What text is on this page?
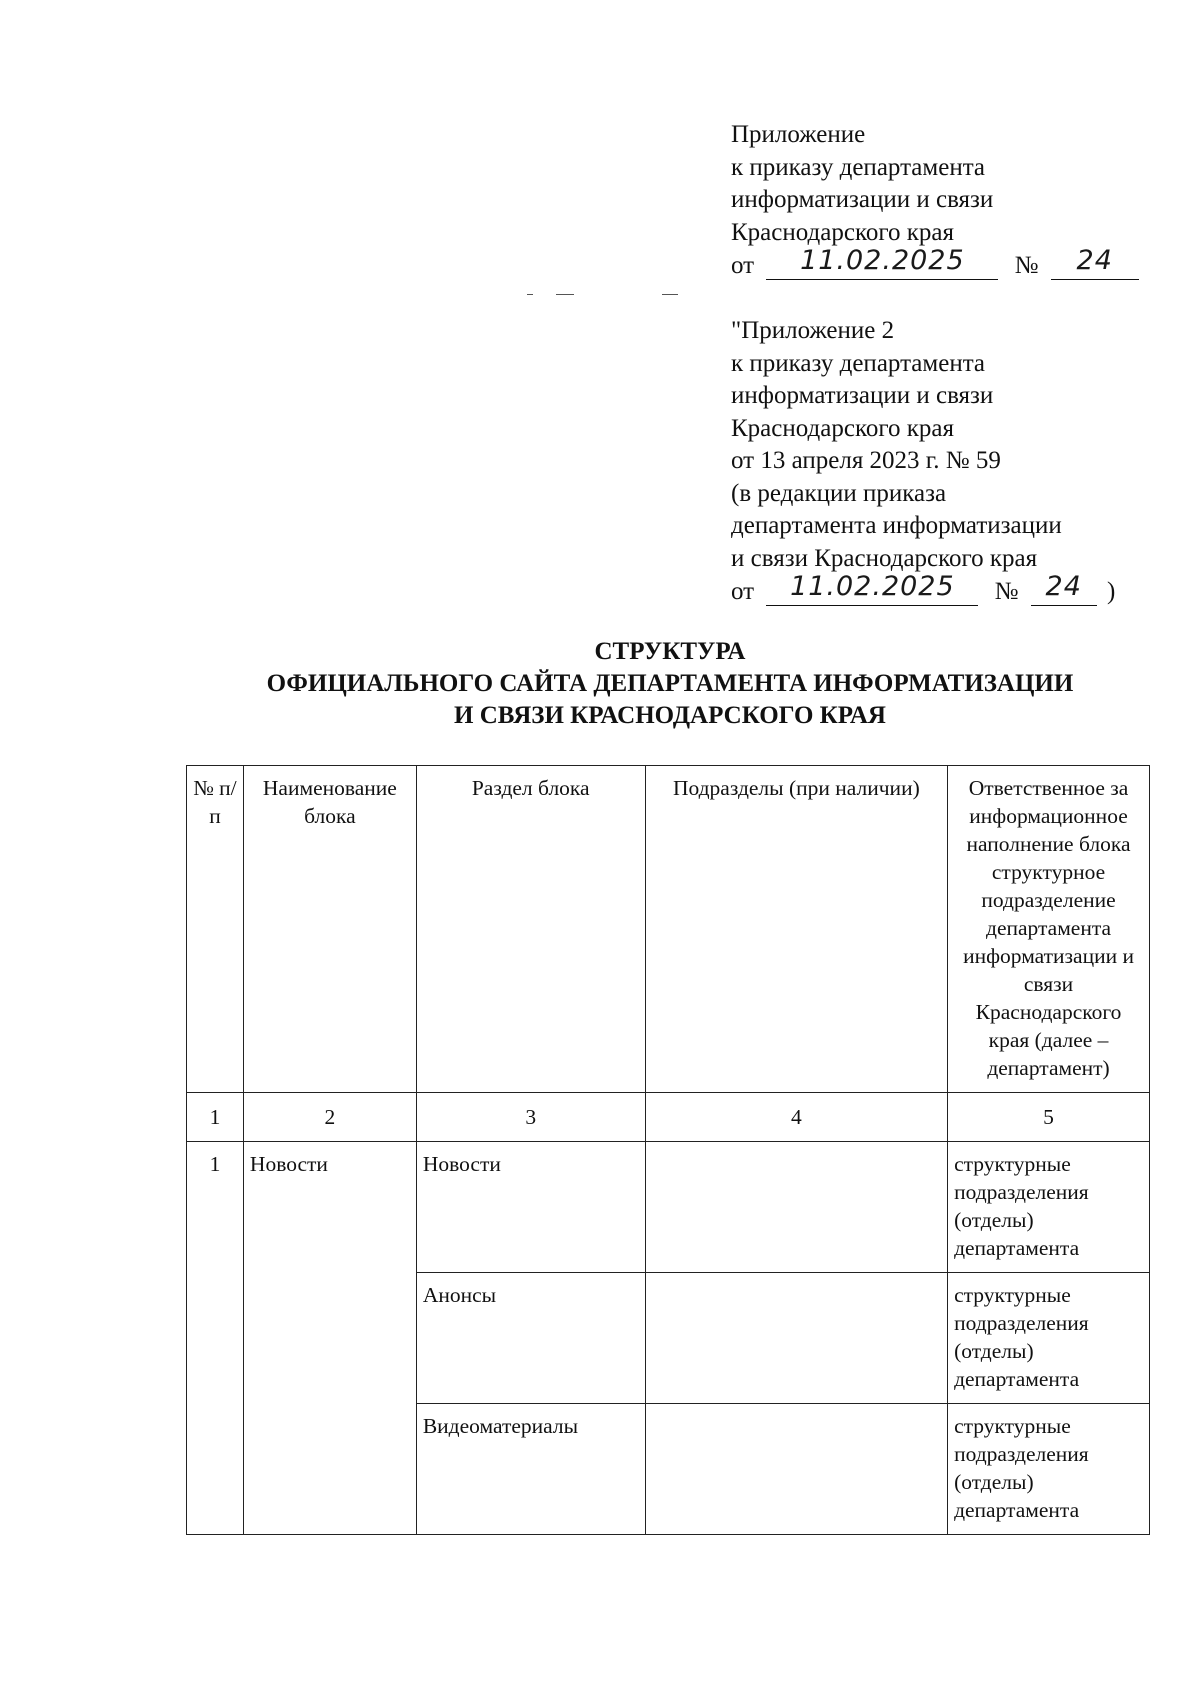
Приложение
к приказу департамента
информатизации и связи
Краснодарского края
от 11.02.2025 № 24
"Приложение 2
к приказу департамента
информатизации и связи
Краснодарского края
от 13 апреля 2023 г. № 59
(в редакции приказа
департамента информатизации
и связи Краснодарского края
от 11.02.2025 № 24 )
СТРУКТУРА
ОФИЦИАЛЬНОГО САЙТА ДЕПАРТАМЕНТА ИНФОРМАТИЗАЦИИ
И СВЯЗИ КРАСНОДАРСКОГО КРАЯ
№ п/п	Наименование блока	Раздел блока	Подразделы (при наличии)	Ответственное за информационное наполнение блока структурное подразделение департамента информатизации и связи Краснодарского края (далее – департамент)
1	2	3	4	5
1	Новости	Новости		структурные подразделения (отделы) департамента
		Анонсы		структурные подразделения (отделы) департамента
		Видеоматериалы		структурные подразделения (отделы) департамента
